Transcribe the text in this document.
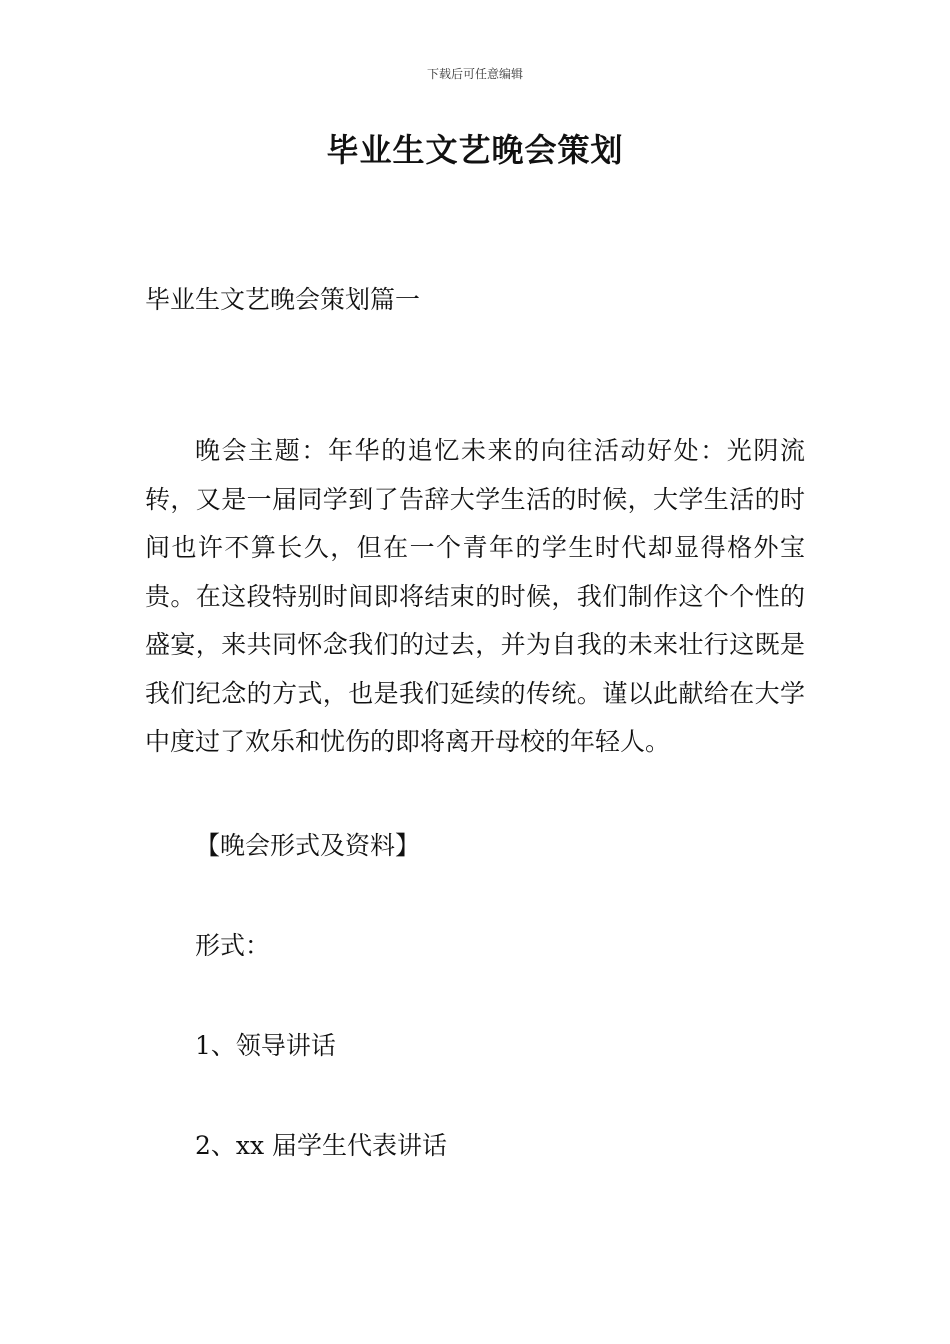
下载后可任意编辑
毕业生文艺晚会策划
毕业生文艺晚会策划篇一

晚会主题：年华的追忆未来的向往活动好处：光阴流转，又是一届同学到了告辞大学生活的时候，大学生活的时间也许不算长久，但在一个青年的学生时代却显得格外宝贵。在这段特别时间即将结束的时候，我们制作这个个性的盛宴，来共同怀念我们的过去，并为自我的未来壮行这既是我们纪念的方式，也是我们延续的传统。谨以此献给在大学中度过了欢乐和忧伤的即将离开母校的年轻人。

【晚会形式及资料】
形式：
1、领导讲话
2、xx 届学生代表讲话
